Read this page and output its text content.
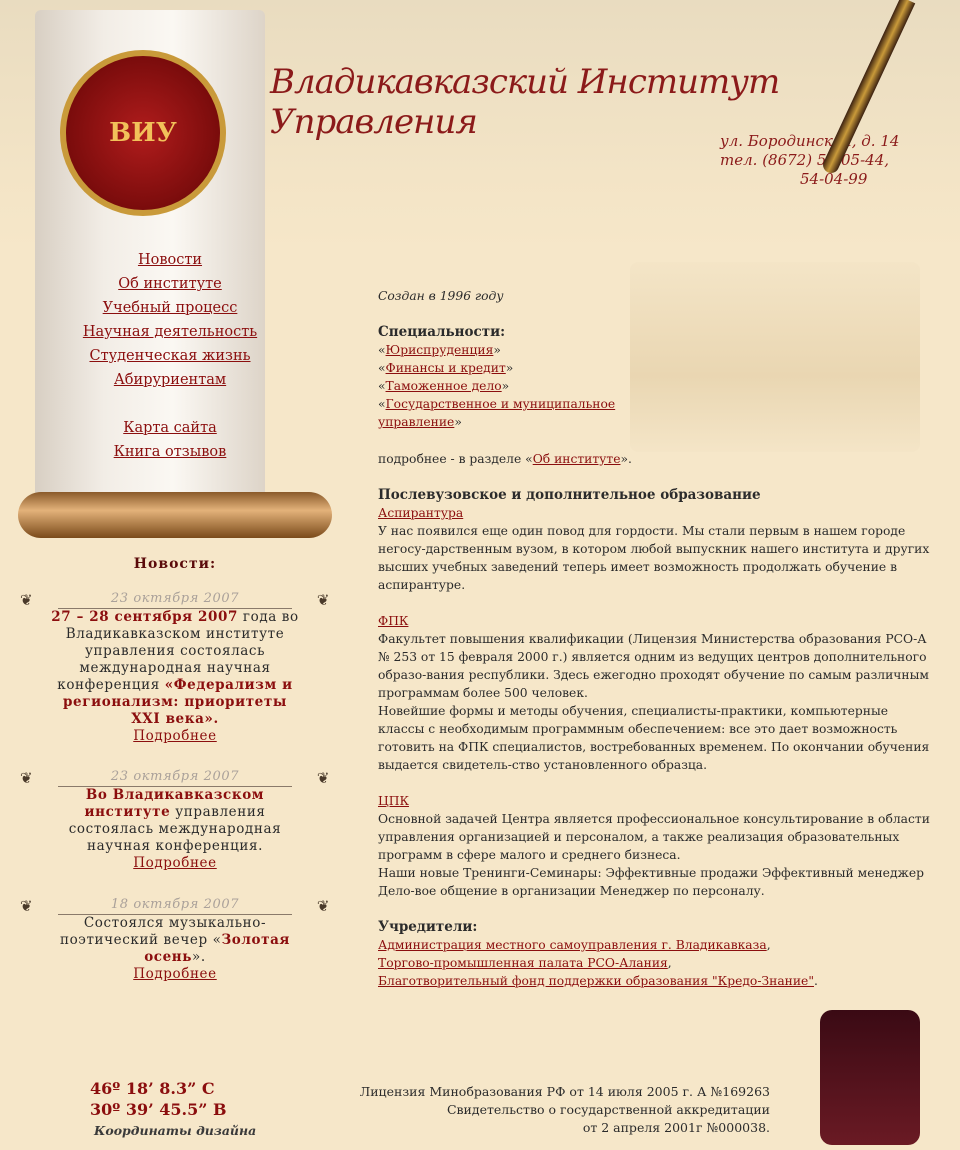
Владикавказский Институт Управления	ул. Бородинская, д. 14
тел. (8672) 54-05-44,
54-04-99
ВИУ
Новости
Об институте
Учебный процесс
Научная деятельность
Студенческая жизнь
Абируриентам
Карта сайта
Книга отзывов
Новости:
❦	❦
23 октября 2007
27 – 28 сентября 2007 года во Владикавказском институте управления состоялась международная научная конференция «Федерализм и регионализм: приоритеты XXI века».
Подробнее
❦	❦
23 октября 2007
Во Владикавказском институте управления состоялась международная научная конференция.
Подробнее
❦	❦
18 октября 2007
Состоялся музыкально-поэтический вечер «Золотая осень».
Подробнее
Создан в 1996 году
Специальности:
«Юриспруденция»
«Финансы и кредит»
«Таможенное дело»
«Государственное и муниципальное управление»
подробнее - в разделе «Об институте».
Послевузовское и дополнительное образование
Аспирантура

У нас появился еще один повод для гордости. Мы стали первым в нашем городе негосу-дарственным вузом, в котором любой выпускник нашего института и других высших учебных заведений теперь имеет возможность продолжать обучение в аспирантуре.

ФПК

Факультет повышения квалификации (Лицензия Министерства образования РСО-А № 253 от 15 февраля 2000 г.) является одним из ведущих центров дополнительного образо-вания республики. Здесь ежегодно проходят обучение по самым различным программам более 500 человек.

Новейшие формы и методы обучения, специалисты-практики, компьютерные классы с необходимым программным обеспечением: все это дает возможность готовить на ФПК специалистов, востребованных временем. По окончании обучения выдается свидетель-ство установленного образца.

ЦПК

Основной задачей Центра является профессиональное консультирование в области управления организацией и персоналом, а также реализация образовательных программ в сфере малого и среднего бизнеса.

Наши новые Тренинги-Семинары: Эффективные продажи Эффективный менеджер Дело-вое общение в организации Менеджер по персоналу.

Учредители:
Администрация местного самоуправления г. Владикавказа,
Торгово-промышленная палата РСО-Алания,
Благотворительный фонд поддержки образования "Кредо-Знание".
46º 18’ 8.3” С
30º 39’ 45.5” В
Координаты дизайна
Лицензия Минобразования РФ от 14 июля 2005 г. А №169263
Свидетельство о государственной аккредитации
от 2 апреля 2001г №000038.
